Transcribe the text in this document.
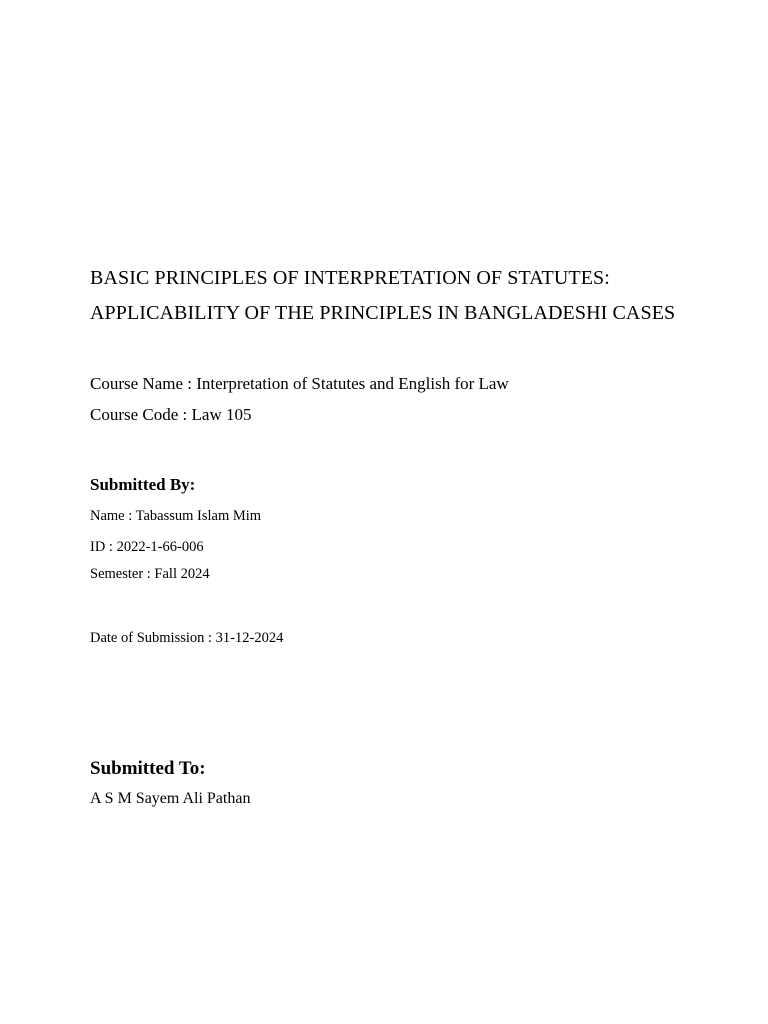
BASIC PRINCIPLES OF INTERPRETATION OF STATUTES:

APPLICABILITY OF THE PRINCIPLES IN BANGLADESHI CASES

Course Name : Interpretation of Statutes and English for Law

Course Code : Law 105

Submitted By:

Name : Tabassum Islam Mim

ID : 2022-1-66-006

Semester : Fall 2024

Date of Submission : 31-12-2024

Submitted To:

A S M Sayem Ali Pathan
